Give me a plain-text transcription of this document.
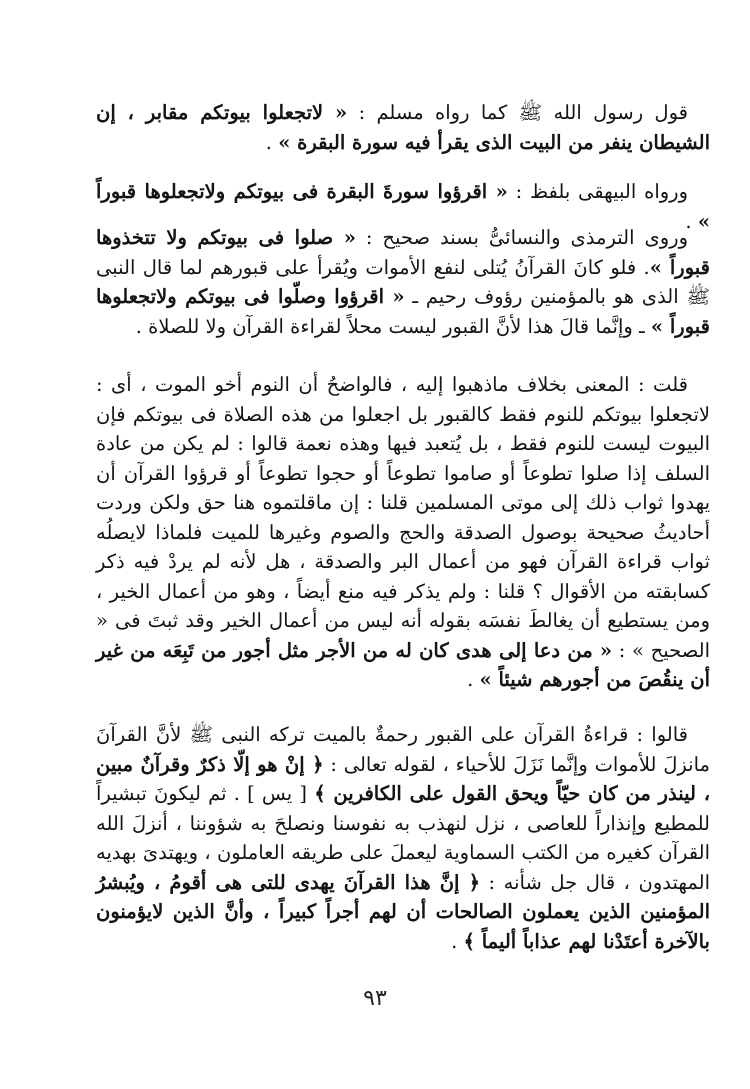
قول رسول الله ﷺ كما رواه مسلم : « لاتجعلوا بيوتكم مقابر ، إن الشيطان ينفر من البيت الذى يقرأ فيه سورة البقرة » .

ورواه البيهقى بلفظ : « اقرؤوا سورةَ البقرة فى بيوتكم ولاتجعلوها قبوراً » .

وروى الترمذى والنسائىُّ بسند صحيح : « صلوا فى بيوتكم ولا تتخذوها قبوراً ». فلو كانَ القرآنُ يُتلى لنفع الأموات ويُقرأ على قبورهم لما قال النبى ﷺ الذى هو بالمؤمنين رؤوف رحيم ـ « اقرؤوا وصلّوا فى بيوتكم ولاتجعلوها قبوراً » ـ وإنَّما قالَ هذا لأنَّ القبور ليست محلاً لقراءة القرآن ولا للصلاة .

قلت : المعنى بخلاف ماذهبوا إليه ، فالواضحُ أن النوم أخو الموت ، أى : لاتجعلوا بيوتكم للنوم فقط كالقبور بل اجعلوا من هذه الصلاة فى بيوتكم فإن البيوت ليست للنوم فقط ، بل يُتعبد فيها وهذه نعمة قالوا : لم يكن من عادة السلف إذا صلوا تطوعاً أو صاموا تطوعاً أو حجوا تطوعاً أو قرؤوا القرآن أن يهدوا ثواب ذلك إلى موتى المسلمين قلنا : إن ماقلتموه هنا حق ولكن وردت أحاديثُ صحيحة بوصول الصدقة والحج والصوم وغيرها للميت فلماذا لايصلُه ثواب قراءة القرآن فهو من أعمال البر والصدقة ، هل لأنه لم يردْ فيه ذكر كسابقته من الأقوال ؟ قلنا : ولم يذكر فيه منع أيضاً ، وهو من أعمال الخير ، ومن يستطيع أن يغالطَ نفسَه بقوله أنه ليس من أعمال الخير وقد ثبتَ فى « الصحيح » : « من دعا إلى هدى كان له من الأجر مثل أجور من تَبِعَه من غير أن ينقُصَ من أجورهم شيئاً » .

قالوا : قراءةُ القرآن على القبور رحمةٌ بالميت تركه النبى ﷺ لأنَّ القرآنَ مانزلَ للأموات وإنَّما نَزَلَ للأحياء ، لقوله تعالى : ﴿ إنْ هو إلّا ذكرٌ وقرآنٌ مبين ، لينذر من كان حيّاً ويحق القول على الكافرين ﴾ [ يس ] . ثم ليكونَ تبشيراً للمطيع وإنذاراً للعاصى ، نزل لنهذب به نفوسنا ونصلحَ به شؤوننا ، أنزلَ الله القرآن كغيره من الكتب السماوية ليعملَ على طريقه العاملون ، ويهتدىَ بهديه المهتدون ، قال جل شأنه : ﴿ إنَّ هذا القرآنَ يهدى للتى هى أقومُ ، ويُبشرُ المؤمنين الذين يعملون الصالحات أن لهم أجراً كبيراً ، وأنَّ الذين لايؤمنون بالآخرة أعتَدْنا لهم عذاباً أليماً ﴾ .

٩٣
